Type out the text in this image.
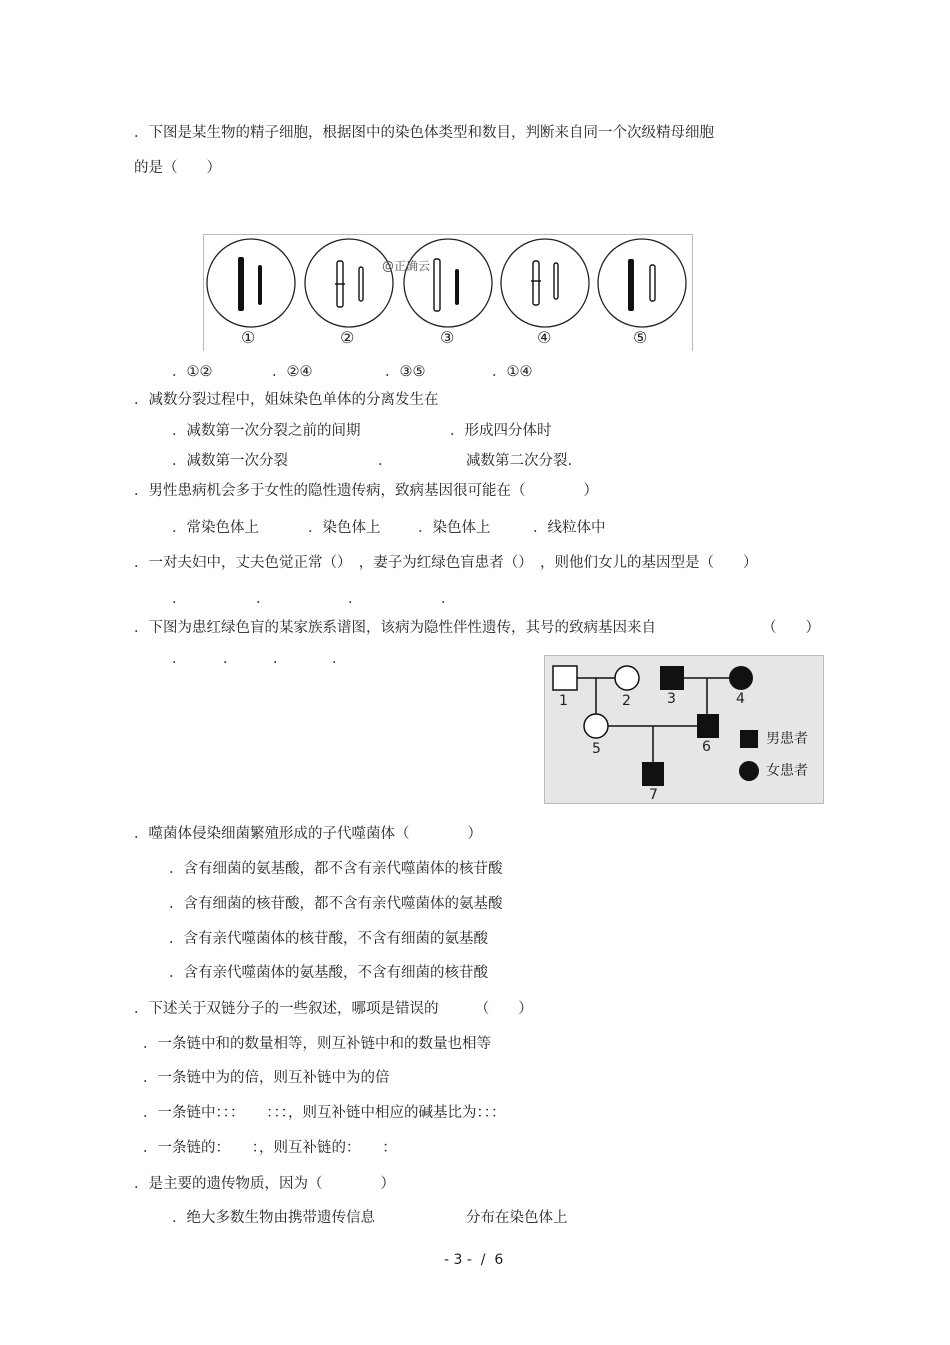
．下图是某生物的精子细胞，根据图中的染色体类型和数目，判断来自同一个次级精母细胞
的是（　　）
@正确云
①	②	③	④	⑤
．①②	．②④	．③⑤	．①④
．减数分裂过程中，姐妹染色单体的分离发生在
．减数第一次分裂之前的间期	．形成四分体时
．减数第一次分裂	．	减数第二次分裂.
．男性患病机会多于女性的隐性遗传病，致病基因很可能在（　　　　）
．常染色体上	．染色体上	．染色体上	．线粒体中
．一对夫妇中，丈夫色觉正常（）　，妻子为红绿色盲患者（）　，则他们女儿的基因型是（　　）
．	．	．	．
．下图为患红绿色盲的某家族系谱图，该病为隐性伴性遗传，其号的致病基因来自	（　　）
．	． ．	．
1	2	3	4
5	6
7
男患者
女患者
．噬菌体侵染细菌繁殖形成的子代噬菌体（　　　　）
．含有细菌的氨基酸，都不含有亲代噬菌体的核苷酸
．含有细菌的核苷酸，都不含有亲代噬菌体的氨基酸
．含有亲代噬菌体的核苷酸，不含有细菌的氨基酸
．含有亲代噬菌体的氨基酸，不含有细菌的核苷酸
．下述关于双链分子的一些叙述，哪项是错误的　　　（　　）
．一条链中和的数量相等，则互补链中和的数量也相等
．一条链中为的倍，则互补链中为的倍
．一条链中：：：　　：：：，则互补链中相应的碱基比为：：：
．一条链的：　　：，则互补链的：　　：
．是主要的遗传物质，因为（　　　　）
．绝大多数生物由携带遗传信息	分布在染色体上
- 3 -  /  6
